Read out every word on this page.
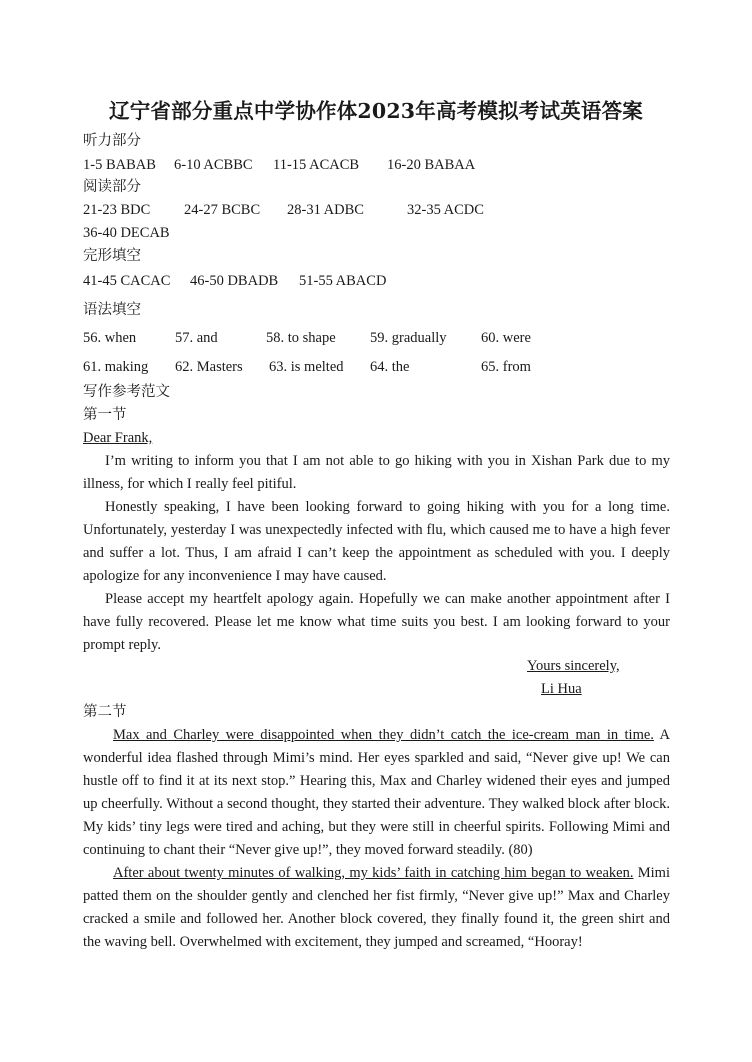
辽宁省部分重点中学协作体2023年高考模拟考试英语答案
听力部分
1-5 BABAB 6-10 ACBBC 11-15 ACACB 16-20 BABAA
阅读部分
21-23 BDC 24-27 BCBC 28-31 ADBC	32-35 ACDC
36-40 DECAB
完形填空
41-45 CACAC 46-50 DBADB 51-55 ABACD
语法填空
56. when	57. and	58. to shape 59. gradually 60. were
61. making 62. Masters 63. is melted 64. the	65. from
写作参考范文
第一节
Dear Frank,

I’m writing to inform you that I am not able to go hiking with you in Xishan Park due to my illness, for which I really feel pitiful.

Honestly speaking, I have been looking forward to going hiking with you for a long time. Unfortunately, yesterday I was unexpectedly infected with flu, which caused me to have a high fever and suffer a lot. Thus, I am afraid I can’t keep the appointment as scheduled with you. I deeply apologize for any inconvenience I may have caused.

Please accept my heartfelt apology again. Hopefully we can make another appointment after I have fully recovered. Please let me know what time suits you best. I am looking forward to your prompt reply.

Yours sincerely,
Li Hua
第二节

Max and Charley were disappointed when they didn’t catch the ice-cream man in time. A wonderful idea flashed through Mimi’s mind. Her eyes sparkled and said, “Never give up! We can hustle off to find it at its next stop.” Hearing this, Max and Charley widened their eyes and jumped up cheerfully. Without a second thought, they started their adventure. They walked block after block. My kids’ tiny legs were tired and aching, but they were still in cheerful spirits. Following Mimi and continuing to chant their “Never give up!”, they moved forward steadily. (80)

After about twenty minutes of walking, my kids’ faith in catching him began to weaken. Mimi patted them on the shoulder gently and clenched her fist firmly, “Never give up!” Max and Charley cracked a smile and followed her. Another block covered, they finally found it, the green shirt and the waving bell. Overwhelmed with excitement, they jumped and screamed, “Hooray!
